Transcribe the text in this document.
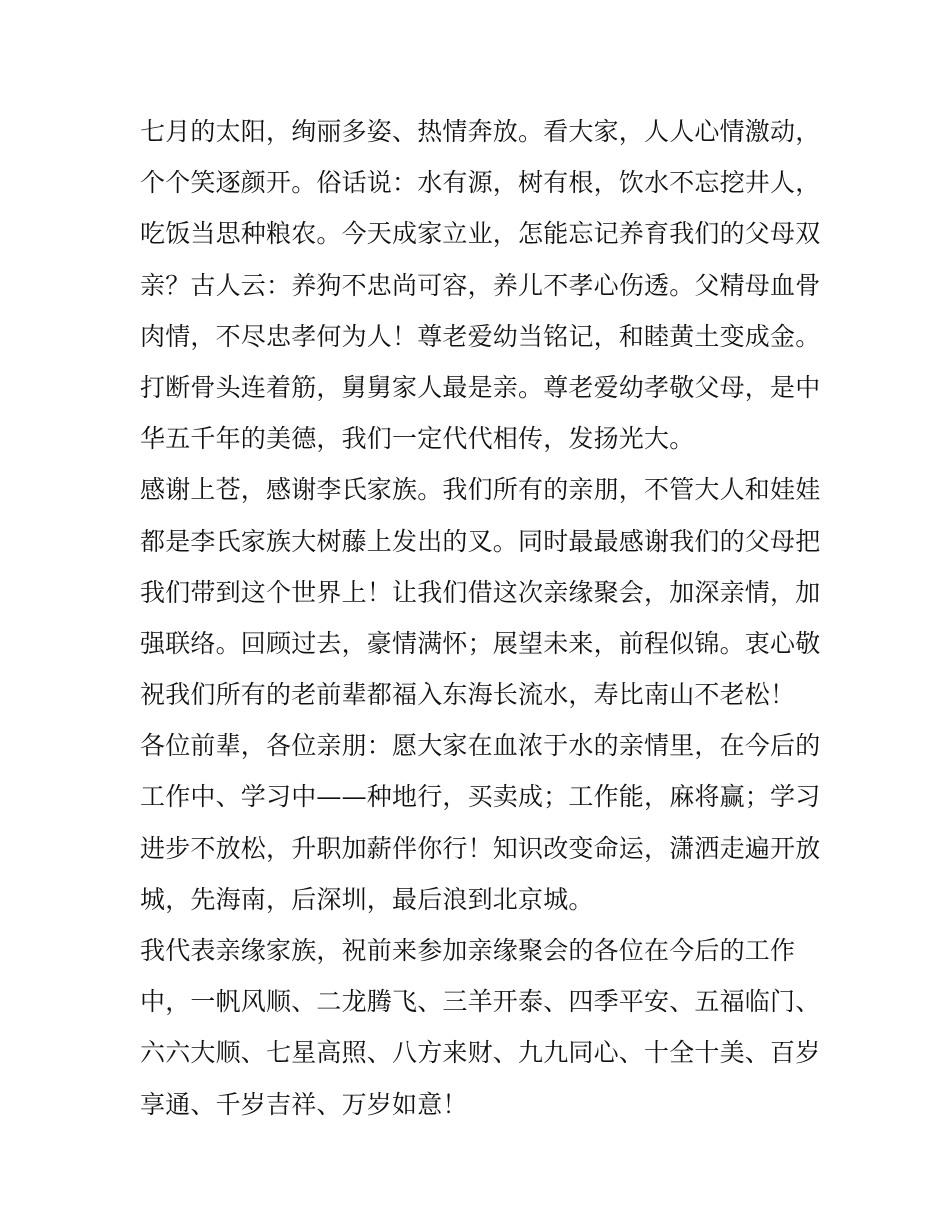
七月的太阳，绚丽多姿、热情奔放。看大家，人人心情激动，
个个笑逐颜开。俗话说：水有源，树有根，饮水不忘挖井人，
吃饭当思种粮农。今天成家立业，怎能忘记养育我们的父母双
亲？古人云：养狗不忠尚可容，养儿不孝心伤透。父精母血骨
肉情，不尽忠孝何为人！尊老爱幼当铭记，和睦黄土变成金。
打断骨头连着筋，舅舅家人最是亲。尊老爱幼孝敬父母，是中
华五千年的美德，我们一定代代相传，发扬光大。
感谢上苍，感谢李氏家族。我们所有的亲朋，不管大人和娃娃
都是李氏家族大树藤上发出的叉。同时最最感谢我们的父母把
我们带到这个世界上！让我们借这次亲缘聚会，加深亲情，加
强联络。回顾过去，豪情满怀；展望未来，前程似锦。衷心敬
祝我们所有的老前辈都福入东海长流水，寿比南山不老松！
各位前辈，各位亲朋：愿大家在血浓于水的亲情里，在今后的
工作中、学习中——种地行，买卖成；工作能，麻将赢；学习
进步不放松，升职加薪伴你行！知识改变命运，潇洒走遍开放
城，先海南，后深圳，最后浪到北京城。
我代表亲缘家族，祝前来参加亲缘聚会的各位在今后的工作
中，一帆风顺、二龙腾飞、三羊开泰、四季平安、五福临门、
六六大顺、七星高照、八方来财、九九同心、十全十美、百岁
享通、千岁吉祥、万岁如意！
